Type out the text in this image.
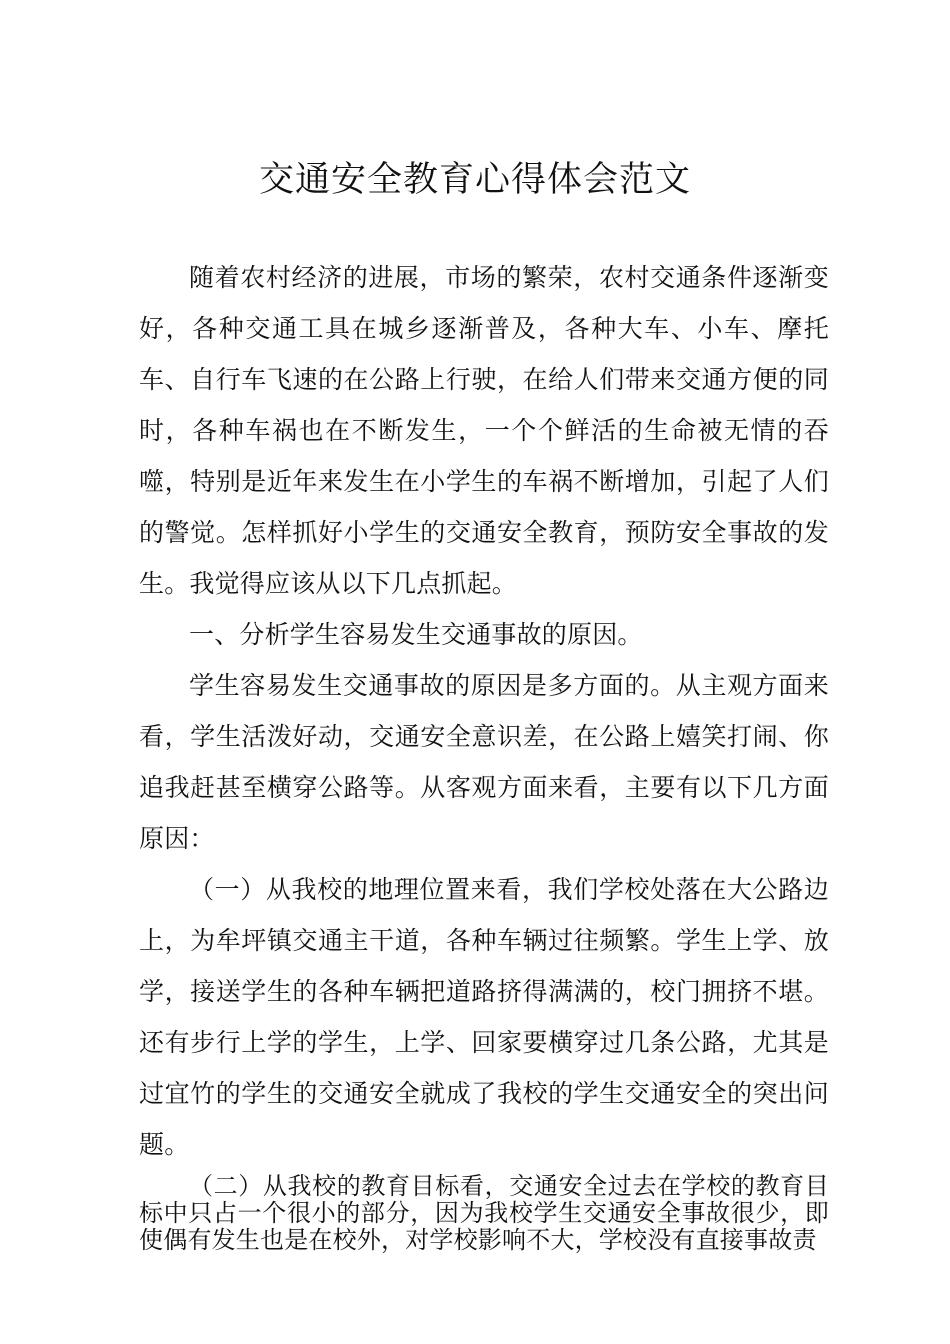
交通安全教育心得体会范文

随着农村经济的进展，市场的繁荣，农村交通条件逐渐变好，各种交通工具在城乡逐渐普及，各种大车、小车、摩托车、自行车飞速的在公路上行驶，在给人们带来交通方便的同时，各种车祸也在不断发生，一个个鲜活的生命被无情的吞噬，特别是近年来发生在小学生的车祸不断增加，引起了人们的警觉。怎样抓好小学生的交通安全教育，预防安全事故的发生。我觉得应该从以下几点抓起。

一、分析学生容易发生交通事故的原因。

学生容易发生交通事故的原因是多方面的。从主观方面来看，学生活泼好动，交通安全意识差，在公路上嬉笑打闹、你追我赶甚至横穿公路等。从客观方面来看，主要有以下几方面原因：

（一）从我校的地理位置来看，我们学校处落在大公路边上，为牟坪镇交通主干道，各种车辆过往频繁。学生上学、放学，接送学生的各种车辆把道路挤得满满的，校门拥挤不堪。还有步行上学的学生，上学、回家要横穿过几条公路，尤其是过宜竹的学生的交通安全就成了我校的学生交通安全的突出问题。

（二）从我校的教育目标看，交通安全过去在学校的教育目标中只占一个很小的部分，因为我校学生交通安全事故很少，即使偶有发生也是在校外，对学校影响不大，学校没有直接事故责
